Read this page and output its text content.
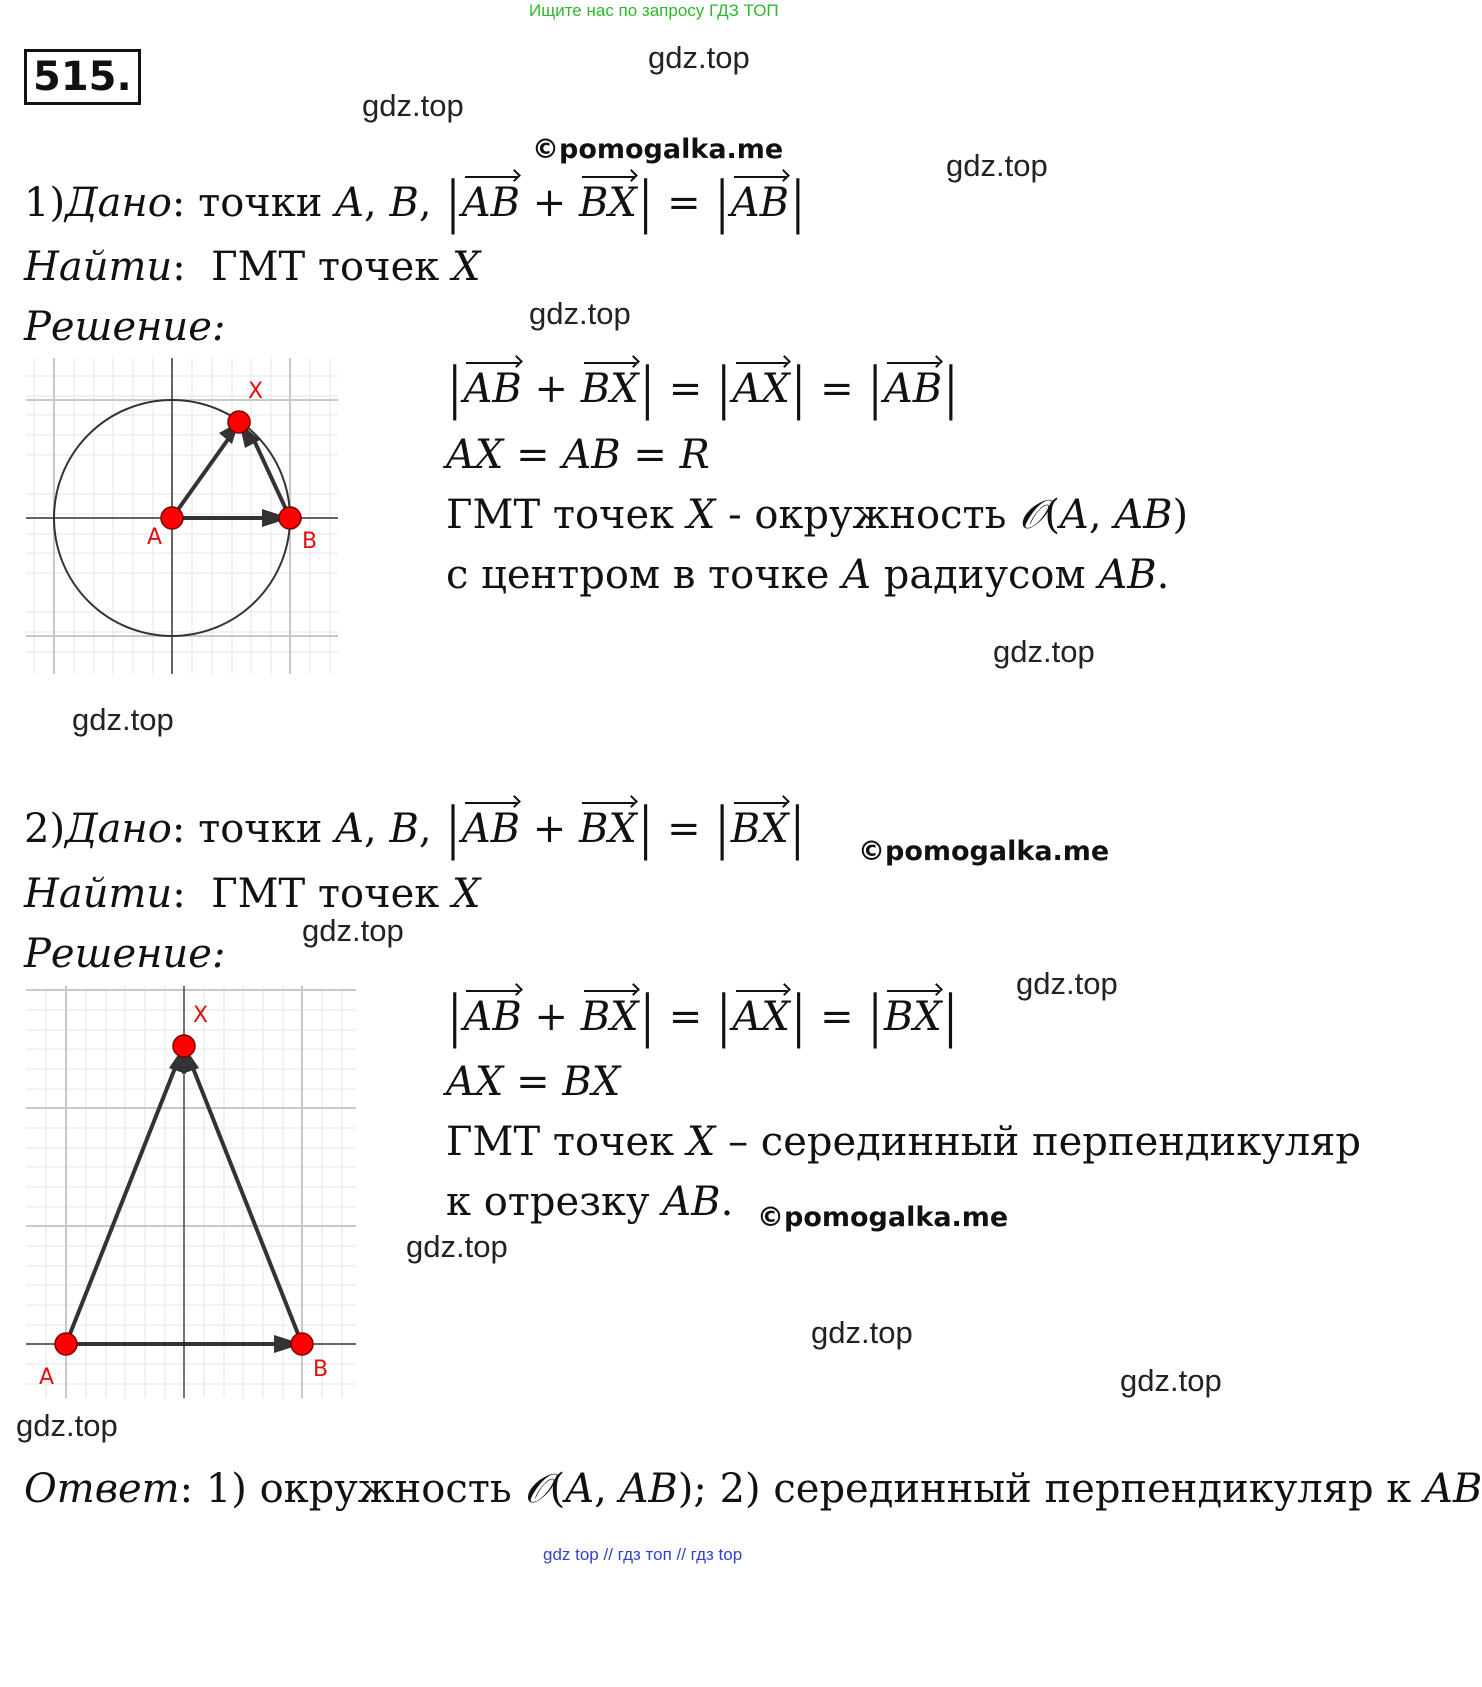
Ищите нас по запросу ГДЗ ТОП
515.	gdz.top
gdz.top
©pomogalka.me	gdz.top
gdz.top
gdz.top
gdz.top
©pomogalka.me
gdz.top
gdz.top
©pomogalka.me
gdz.top
gdz.top
gdz.top
gdz.top
1)Дано: точки A, B, |AB + BX| = |AB|
Найти:  ГМТ точек X
Решение:
A	B
X	|AB + BX| = |AX| = |AB|
AX = AB = R
ГМТ точек X - окружность 𝒪(A, AB)
с центром в точке A радиусом AB.
2)Дано: точки A, B, |AB + BX| = |BX|
Найти:  ГМТ точек X
Решение:
A	B
X	|AB + BX| = |AX| = |BX|
AX = BX
ГМТ точек X – серединный перпендикуляр
к отрезку AB.
Ответ: 1) окружность 𝒪(A, AB); 2) серединный перпендикуляр к AB
gdz top // гдз топ // гдз top
